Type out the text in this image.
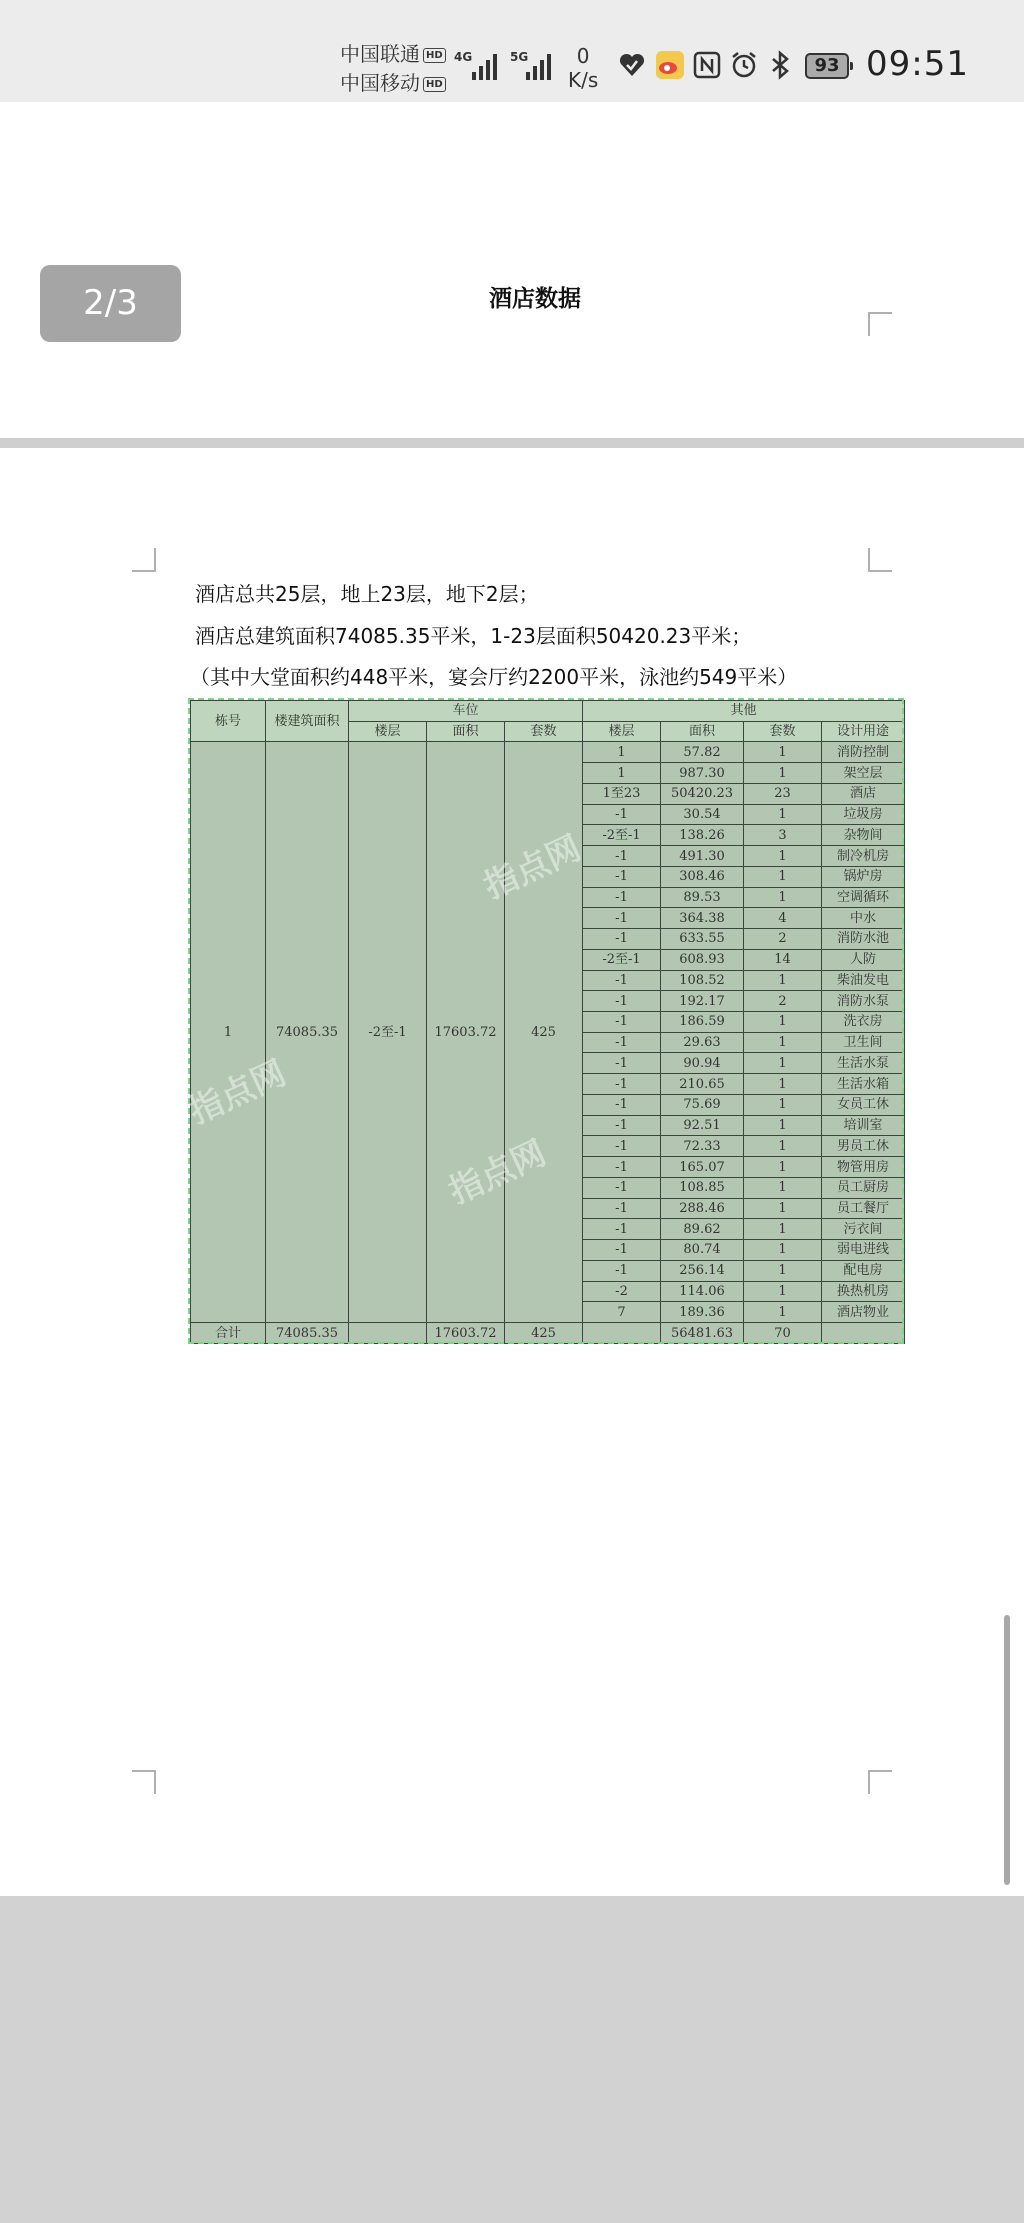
中国联通 HD
中国移动 HD
4G	5G	0
K/s
93 09:51
2/3	酒店数据
酒店总共25层，地上23层，地下2层；
酒店总建筑面积74085.35平米，1-23层面积50420.23平米；
（其中大堂面积约448平米，宴会厅约2200平米，泳池约549平米）
栋号	楼建筑面积	车位			其他			
		楼层	面积	套数	楼层	面积	套数	设计用途
1	74085.35	-2至-1	17603.72	425	1	57.82	1	消防控制
					1	987.30	1	架空层
					1至23	50420.23	23	酒店
					-1	30.54	1	垃圾房
					-2至-1	138.26	3	杂物间
					-1	491.30	1	制冷机房
					-1	308.46	1	锅炉房
					-1	89.53	1	空调循环
					-1	364.38	4	中水
					-1	633.55	2	消防水池
					-2至-1	608.93	14	人防
					-1	108.52	1	柴油发电
					-1	192.17	2	消防水泵
					-1	186.59	1	洗衣房
					-1	29.63	1	卫生间
					-1	90.94	1	生活水泵
					-1	210.65	1	生活水箱
					-1	75.69	1	女员工休
					-1	92.51	1	培训室
					-1	72.33	1	男员工休
					-1	165.07	1	物管用房
					-1	108.85	1	员工厨房
					-1	288.46	1	员工餐厅
					-1	89.62	1	污衣间
					-1	80.74	1	弱电进线
					-1	256.14	1	配电房
					-2	114.06	1	换热机房
					7	189.36	1	酒店物业
合计	74085.35		17603.72	425		56481.63	70	
指点网
指点网
指点网
